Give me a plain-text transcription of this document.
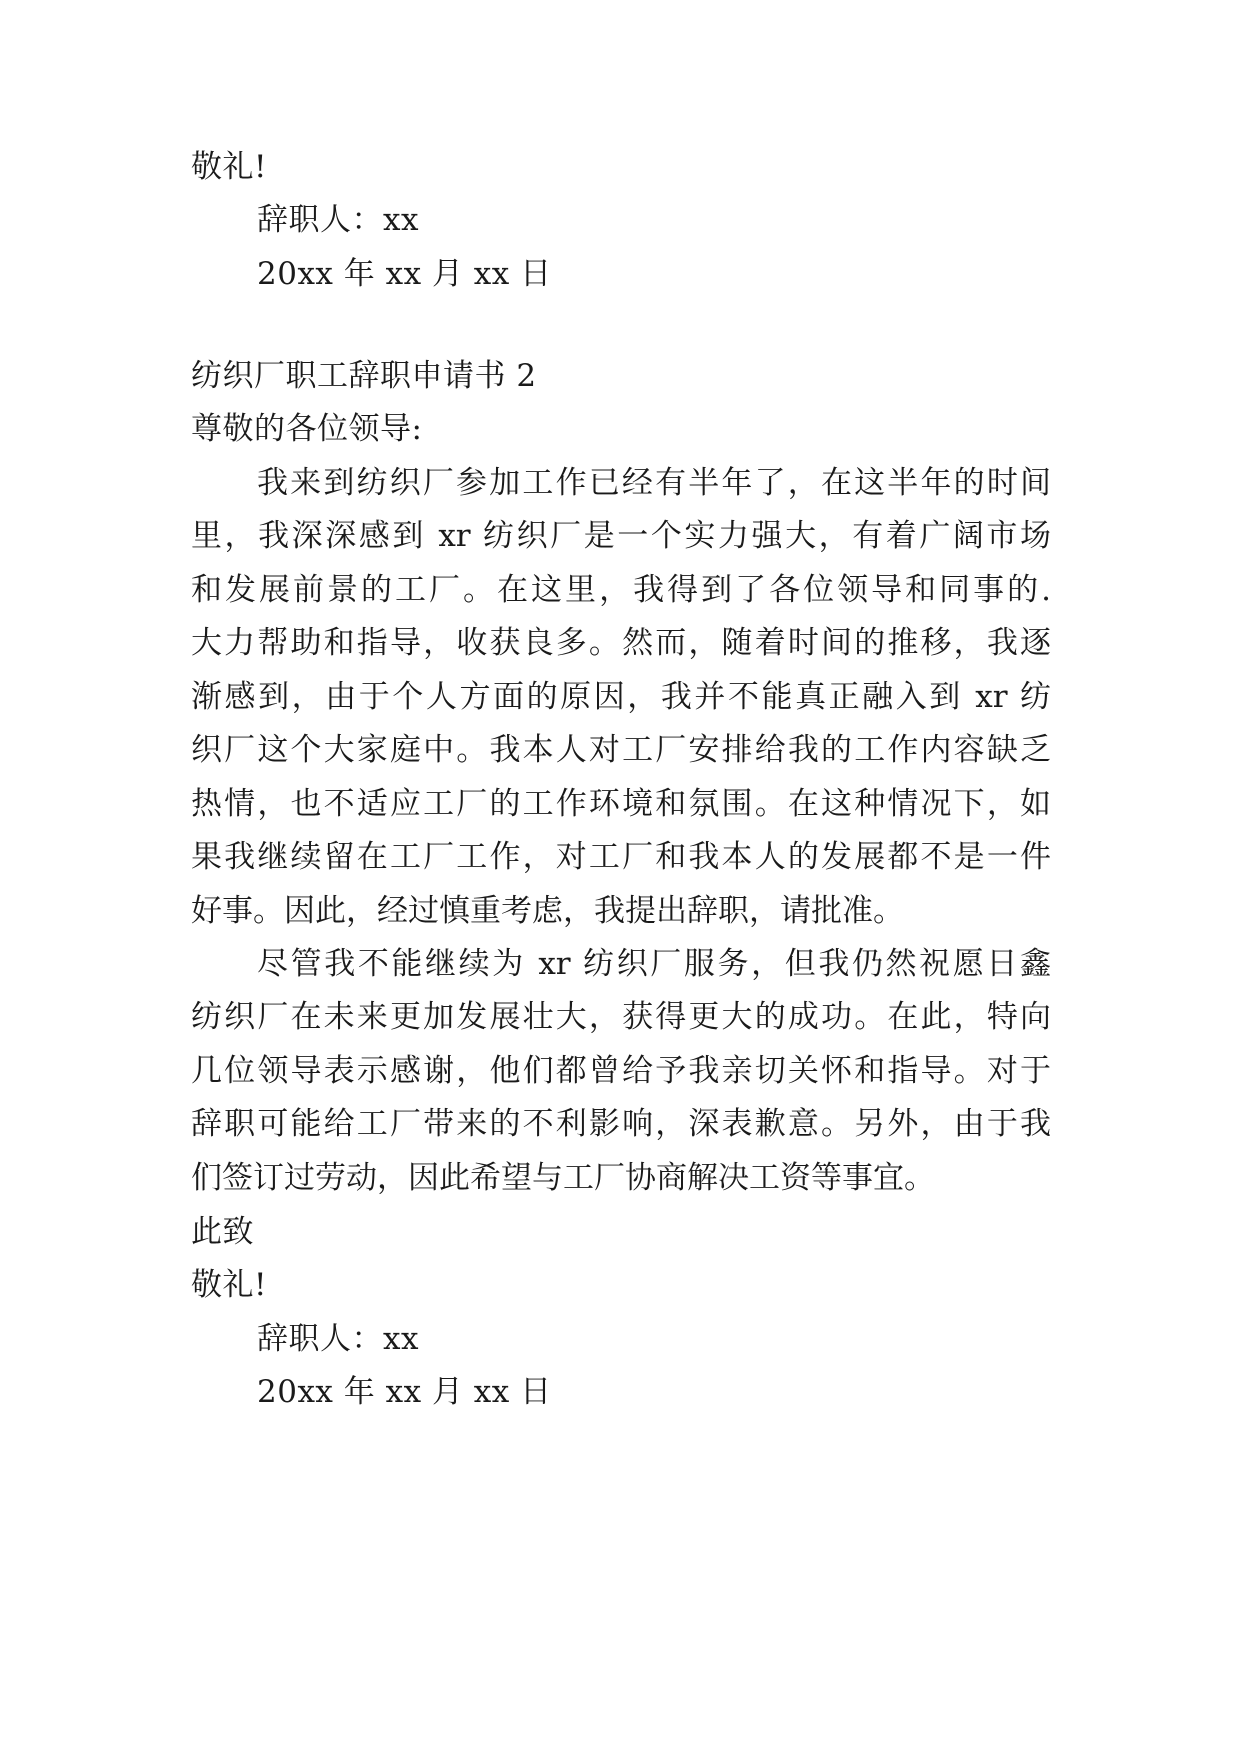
敬礼!
辞职人：xx
20xx 年 xx 月 xx 日
纺织厂职工辞职申请书 2
尊敬的各位领导:
我来到纺织厂参加工作已经有半年了，在这半年的时间
里，我深深感到 xr 纺织厂是一个实力强大，有着广阔市场
和发展前景的工厂。在这里，我得到了各位领导和同事的.
大力帮助和指导，收获良多。然而，随着时间的推移，我逐
渐感到，由于个人方面的原因，我并不能真正融入到 xr 纺
织厂这个大家庭中。我本人对工厂安排给我的工作内容缺乏
热情，也不适应工厂的工作环境和氛围。在这种情况下，如
果我继续留在工厂工作，对工厂和我本人的发展都不是一件
好事。因此，经过慎重考虑，我提出辞职，请批准。
尽管我不能继续为 xr 纺织厂服务，但我仍然祝愿日鑫
纺织厂在未来更加发展壮大，获得更大的成功。在此，特向
几位领导表示感谢，他们都曾给予我亲切关怀和指导。对于
辞职可能给工厂带来的不利影响，深表歉意。另外，由于我
们签订过劳动，因此希望与工厂协商解决工资等事宜。
此致
敬礼!
辞职人：xx
20xx 年 xx 月 xx 日
